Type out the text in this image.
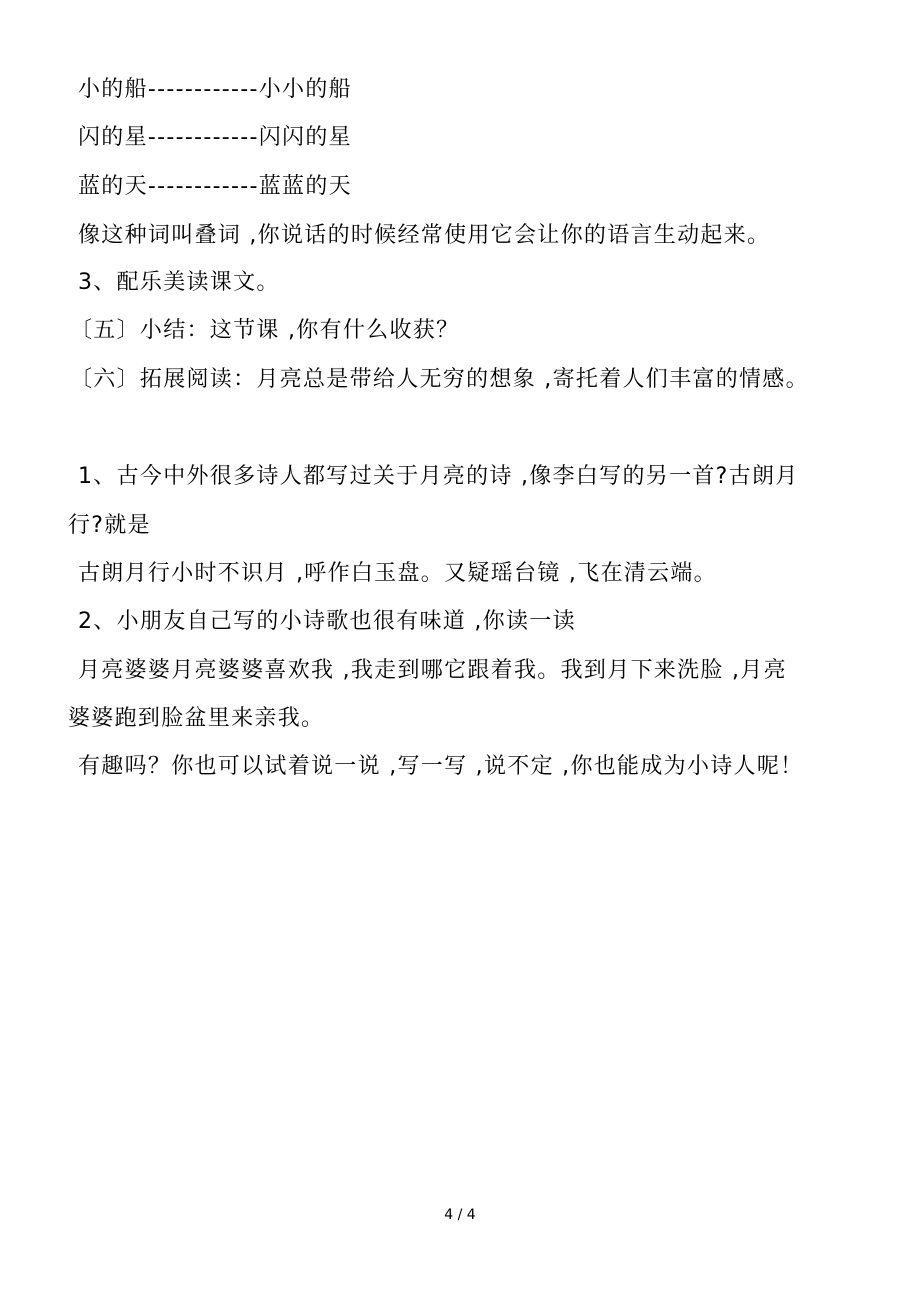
小的船------------小小的船
闪的星------------闪闪的星
蓝的天------------蓝蓝的天
像这种词叫叠词 ,你说话的时候经常使用它会让你的语言生动起来。
3、配乐美读课文。
〔五〕小结：这节课 ,你有什么收获？
〔六〕拓展阅读：月亮总是带给人无穷的想象 ,寄托着人们丰富的情感。
1、古今中外很多诗人都写过关于月亮的诗 ,像李白写的另一首?古朗月
行?就是
古朗月行小时不识月 ,呼作白玉盘。又疑瑶台镜 ,飞在清云端。
2、小朋友自己写的小诗歌也很有味道 ,你读一读
月亮婆婆月亮婆婆喜欢我 ,我走到哪它跟着我。我到月下来洗脸 ,月亮
婆婆跑到脸盆里来亲我。
有趣吗？你也可以试着说一说 ,写一写 ,说不定 ,你也能成为小诗人呢！
4 / 4
